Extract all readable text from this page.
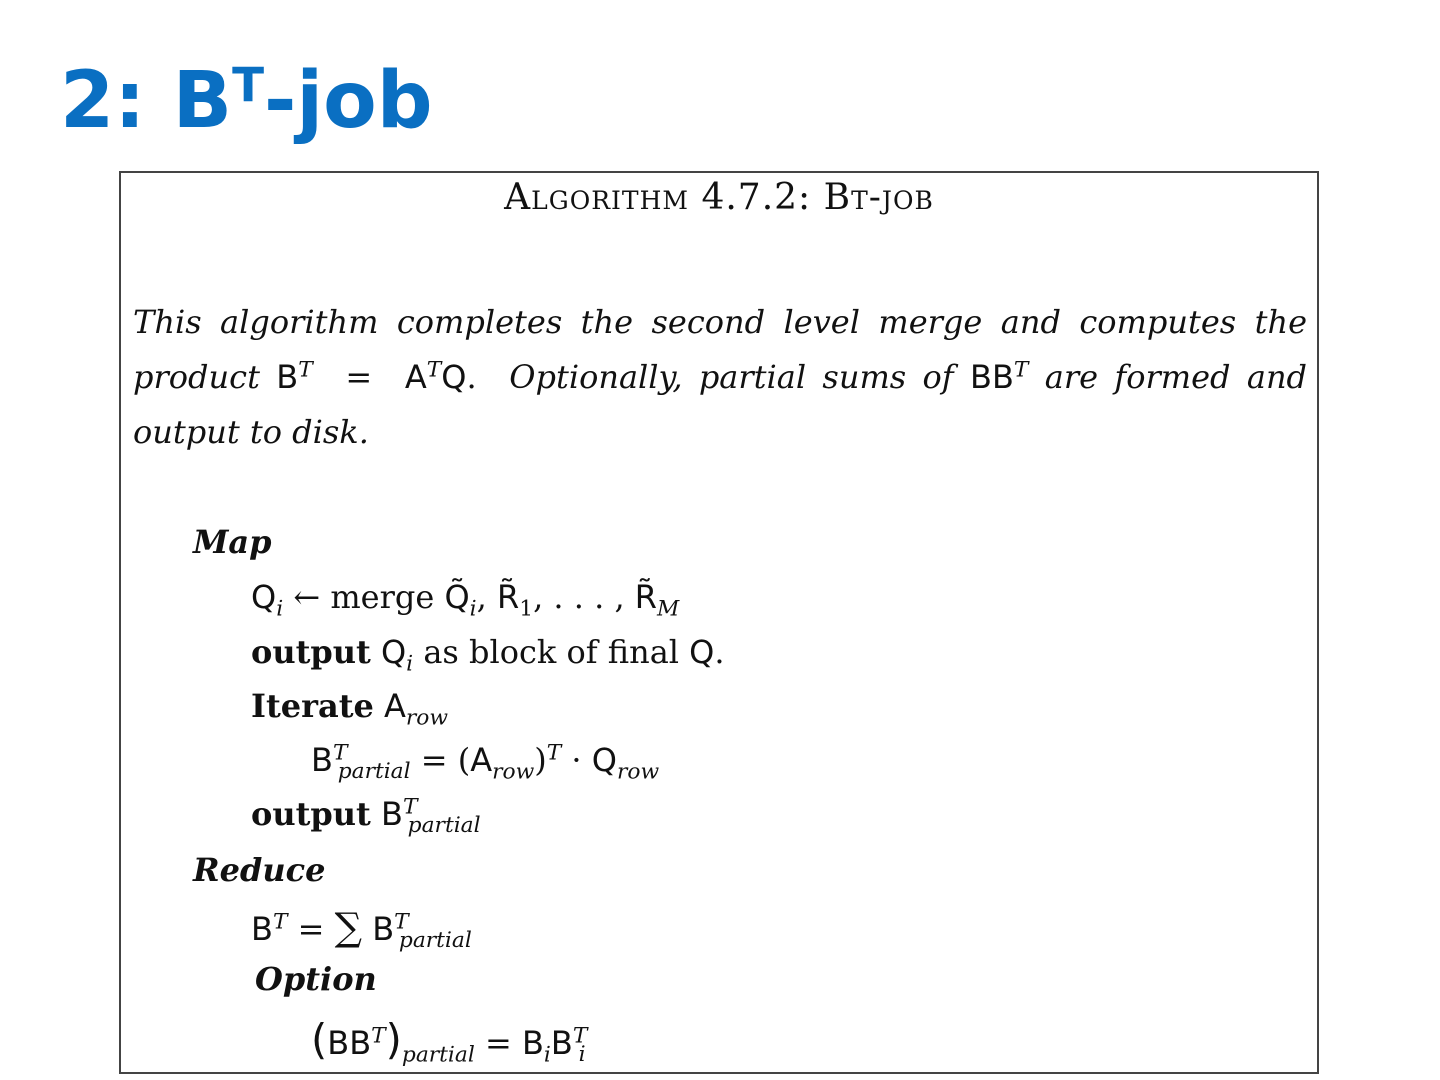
2: $B^T$-job
Algorithm 4.7.2: Bt-job
This algorithm completes the second level merge and computes the product $B^T = A^TQ$. Optionally, partial sums of $BB^T$ are formed and output to disk.
Map
$Q_i$ ← merge $Q̃_i$, $R̃_1$, . . . , $R̃_M$
output $Q_i$ as block of final Q.
Iterate $A_{row}$
$B^T_{partial} = (A_{row})^T \cdot Q_{row}$
output $B^T_{partial}$
Reduce
$B^T$ = ∑ $B^T_{partial}$
Option
$(BB^T)_{partial} = B_iB^T_i$
